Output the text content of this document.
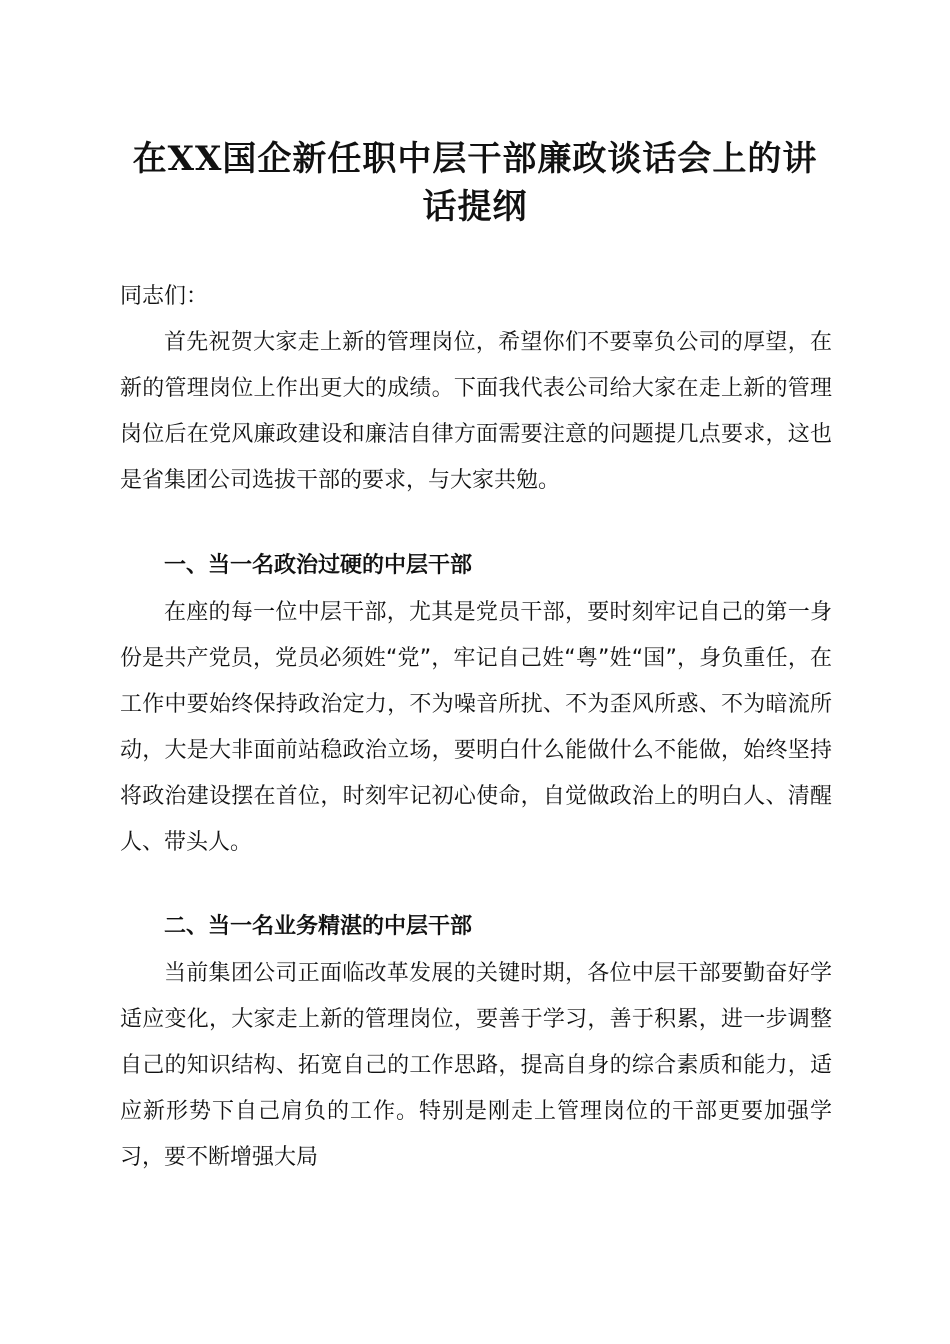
在XX国企新任职中层干部廉政谈话会上的讲
话提纲

同志们：

首先祝贺大家走上新的管理岗位，希望你们不要辜负公司的厚望，在新的管理岗位上作出更大的成绩。下面我代表公司给大家在走上新的管理岗位后在党风廉政建设和廉洁自律方面需要注意的问题提几点要求，这也是省集团公司选拔干部的要求，与大家共勉。

一、当一名政治过硬的中层干部

在座的每一位中层干部，尤其是党员干部，要时刻牢记自己的第一身份是共产党员，党员必须姓“党”，牢记自己姓“粤”姓“国”，身负重任，在工作中要始终保持政治定力，不为噪音所扰、不为歪风所惑、不为暗流所动，大是大非面前站稳政治立场，要明白什么能做什么不能做，始终坚持将政治建设摆在首位，时刻牢记初心使命，自觉做政治上的明白人、清醒人、带头人。

二、当一名业务精湛的中层干部

当前集团公司正面临改革发展的关键时期，各位中层干部要勤奋好学适应变化，大家走上新的管理岗位，要善于学习，善于积累，进一步调整自己的知识结构、拓宽自己的工作思路，提高自身的综合素质和能力，适应新形势下自己肩负的工作。特别是刚走上管理岗位的干部更要加强学习，要不断增强大局
